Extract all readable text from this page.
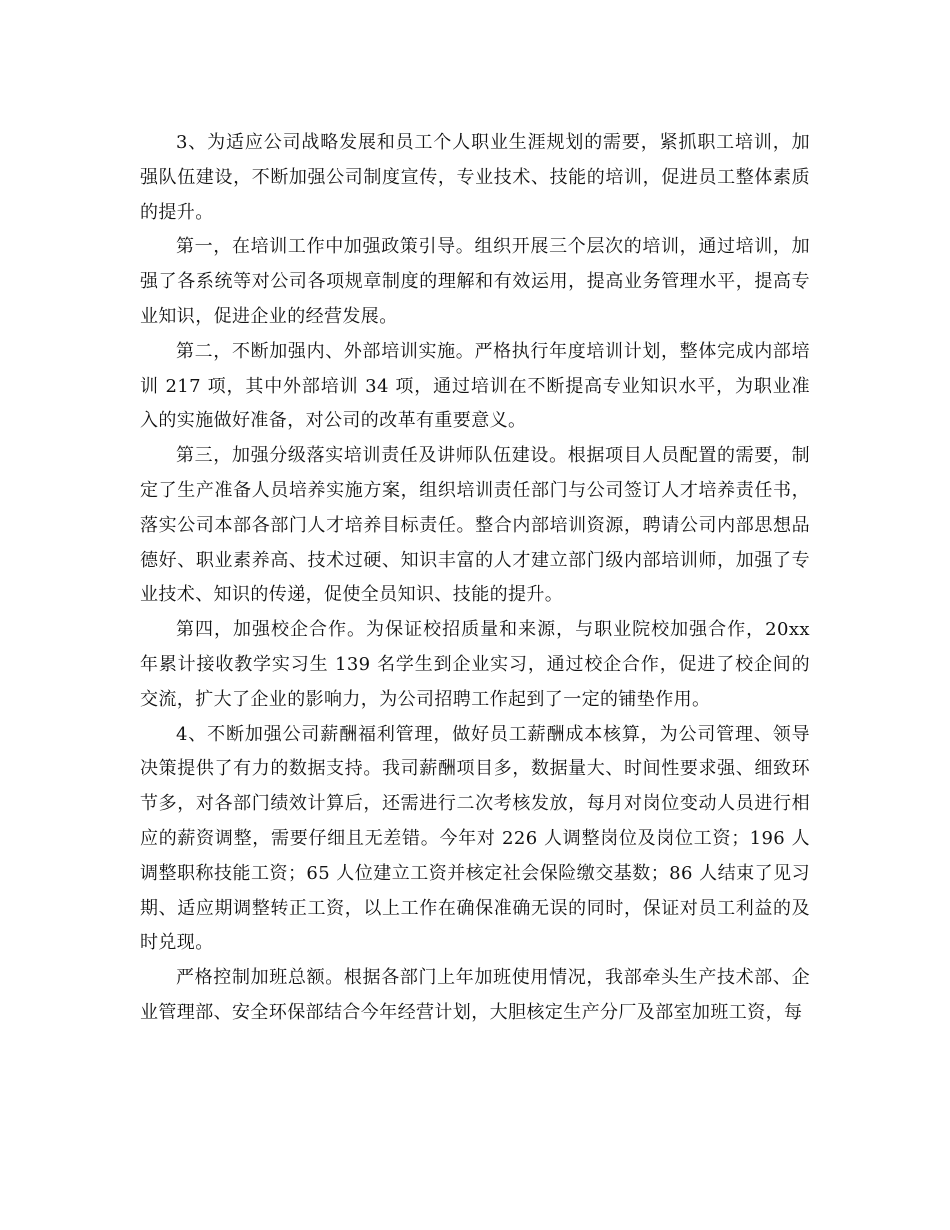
3、为适应公司战略发展和员工个人职业生涯规划的需要，紧抓职工培训，加强队伍建设，不断加强公司制度宣传，专业技术、技能的培训，促进员工整体素质的提升。

第一，在培训工作中加强政策引导。组织开展三个层次的培训，通过培训，加强了各系统等对公司各项规章制度的理解和有效运用，提高业务管理水平，提高专业知识，促进企业的经营发展。

第二，不断加强内、外部培训实施。严格执行年度培训计划，整体完成内部培训 217 项，其中外部培训 34 项，通过培训在不断提高专业知识水平，为职业准入的实施做好准备，对公司的改革有重要意义。

第三，加强分级落实培训责任及讲师队伍建设。根据项目人员配置的需要，制定了生产准备人员培养实施方案，组织培训责任部门与公司签订人才培养责任书，落实公司本部各部门人才培养目标责任。整合内部培训资源，聘请公司内部思想品德好、职业素养高、技术过硬、知识丰富的人才建立部门级内部培训师，加强了专业技术、知识的传递，促使全员知识、技能的提升。

第四，加强校企合作。为保证校招质量和来源，与职业院校加强合作，20xx 年累计接收教学实习生 139 名学生到企业实习，通过校企合作，促进了校企间的交流，扩大了企业的影响力，为公司招聘工作起到了一定的铺垫作用。

4、不断加强公司薪酬福利管理，做好员工薪酬成本核算，为公司管理、领导决策提供了有力的数据支持。我司薪酬项目多，数据量大、时间性要求强、细致环节多，对各部门绩效计算后，还需进行二次考核发放，每月对岗位变动人员进行相应的薪资调整，需要仔细且无差错。今年对 226 人调整岗位及岗位工资；196 人调整职称技能工资；65 人位建立工资并核定社会保险缴交基数；86 人结束了见习期、适应期调整转正工资，以上工作在确保准确无误的同时，保证对员工利益的及时兑现。

严格控制加班总额。根据各部门上年加班使用情况，我部牵头生产技术部、企业管理部、安全环保部结合今年经营计划，大胆核定生产分厂及部室加班工资，每
